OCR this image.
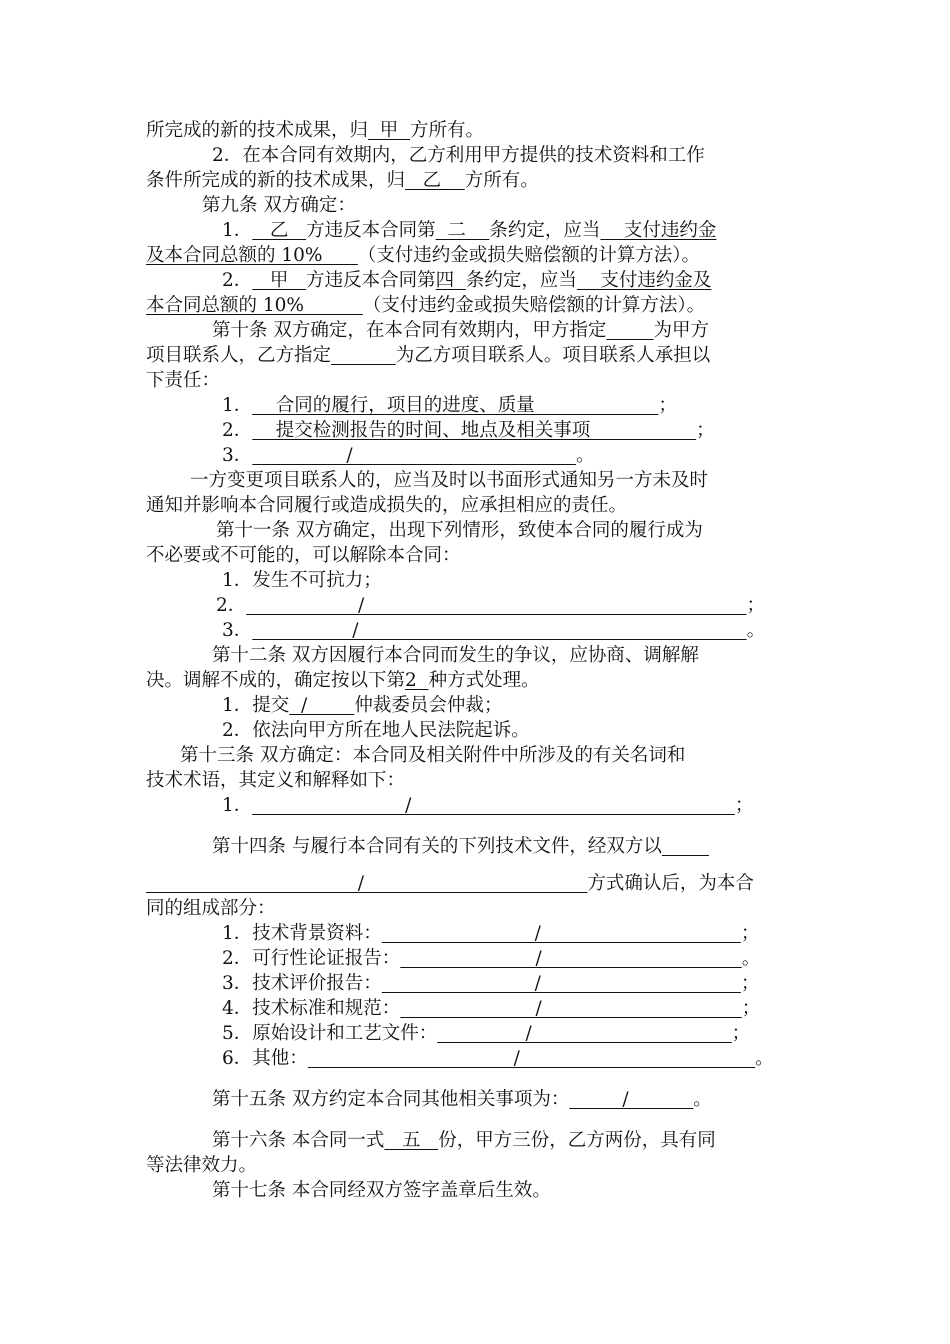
所完成的新的技术成果，归  甲  方所有。
2．在本合同有效期内，乙方利用甲方提供的技术资料和工作
条件所完成的新的技术成果，归   乙    方所有。
第九条 双方确定：
1．   乙   方违反本合同第  二    条约定，应当    支付违约金
及本合同总额的 10%      （支付违约金或损失赔偿额的计算方法）。
2．   甲   方违反本合同第四  条约定，应当    支付违约金及
本合同总额的 10%          （支付违约金或损失赔偿额的计算方法）。
第十条 双方确定，在本合同有效期内，甲方指定	为甲方
项目联系人，乙方指定	为乙方项目联系人。项目联系人承担以
下责任：
1．    合同的履行，项目的进度、质量                     ；
2．    提交检测报告的时间、地点及相关事项                  ；
3．                /                                      。
一方变更项目联系人的，应当及时以书面形式通知另一方未及时
通知并影响本合同履行或造成损失的，应承担相应的责任。
第十一条 双方确定，出现下列情形，致使本合同的履行成为
不必要或不可能的，可以解除本合同：
1．发生不可抗力；
2．                   /                                                                 ；
3．                 /                                                                  。
第十二条 双方因履行本合同而发生的争议，应协商、调解解
决。调解不成的，确定按以下第2  种方式处理。
1．提交  /        仲裁委员会仲裁；
2．依法向甲方所在地人民法院起诉。
第十三条 双方确定：本合同及相关附件中所涉及的有关名词和
技术术语，其定义和解释如下：
1．                          /                                                       ；
第十四条 与履行本合同有关的下列技术文件，经双方以
/                                      方式确认后，为本合
同的组成部分：
1．技术背景资料：                          /                                  ；
2．可行性论证报告：                       /                                  。
3．技术评价报告：                          /                                  ；
4．技术标准和规范：                       /                                  ；
5．原始设计和工艺文件：               /                                  ；
6．其他：                                   /                                        。
第十五条 双方约定本合同其他相关事项为：         /           。
第十六条 本合同一式   五   份，甲方三份，乙方两份，具有同
等法律效力。
第十七条 本合同经双方签字盖章后生效。
